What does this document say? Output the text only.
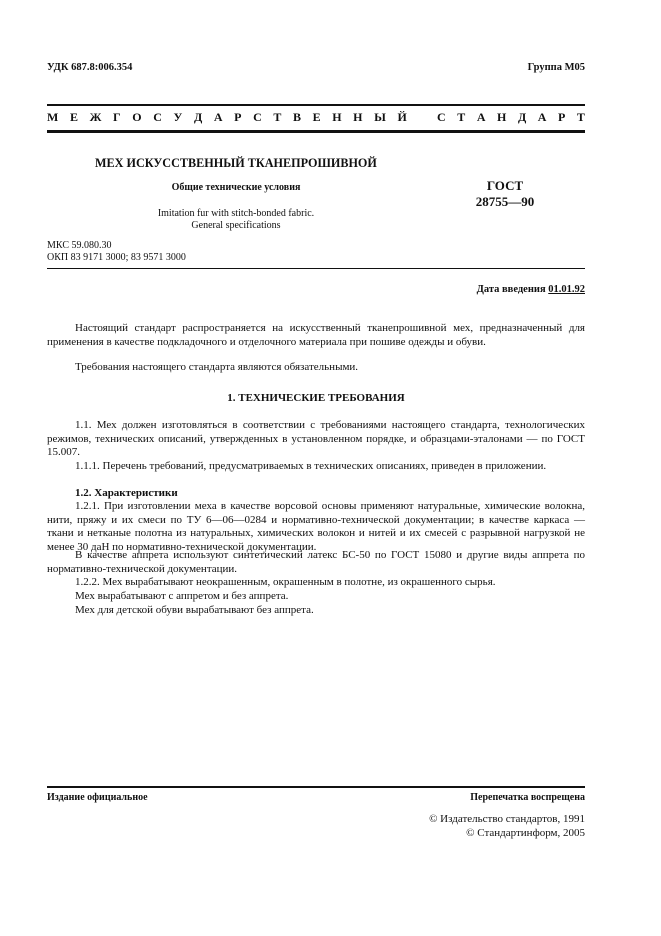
УДК 687.8:006.354	Группа М05
М Е Ж Г О С У Д А Р С Т В Е Н Н Ы Й	С Т А Н Д А Р Т
МЕХ ИСКУССТВЕННЫЙ ТКАНЕПРОШИВНОЙ
Общие технические условия
Imitation fur with stitch-bonded fabric.
General specifications
ГОСТ
28755—90
МКС 59.080.30
ОКП 83 9171 3000; 83 9571 3000
Дата введения 01.01.92
Настоящий стандарт распространяется на искусственный тканепрошивной мех, предназначенный для применения в качестве подкладочного и отделочного материала при пошиве одежды и обуви.
Требования настоящего стандарта являются обязательными.
1. ТЕХНИЧЕСКИЕ ТРЕБОВАНИЯ
1.1. Мех должен изготовляться в соответствии с требованиями настоящего стандарта, технологических режимов, технических описаний, утвержденных в установленном порядке, и образцами-эталонами — по ГОСТ 15.007.
1.1.1. Перечень требований, предусматриваемых в технических описаниях, приведен в приложении.
1.2. Характеристики
1.2.1. При изготовлении меха в качестве ворсовой основы применяют натуральные, химические волокна, нити, пряжу и их смеси по ТУ 6—06—0284 и нормативно-технической документации; в качестве каркаса — ткани и нетканые полотна из натуральных, химических волокон и нитей и их смесей с разрывной нагрузкой не менее 30 даН по нормативно-технической документации.
В качестве аппрета используют синтетический латекс БС-50 по ГОСТ 15080 и другие виды аппрета по нормативно-технической документации.
1.2.2. Мех вырабатывают неокрашенным, окрашенным в полотне, из окрашенного сырья.
Мех вырабатывают с аппретом и без аппрета.
Мех для детской обуви вырабатывают без аппрета.
Издание официальное	Перепечатка воспрещена
© Издательство стандартов, 1991
© Стандартинформ, 2005
